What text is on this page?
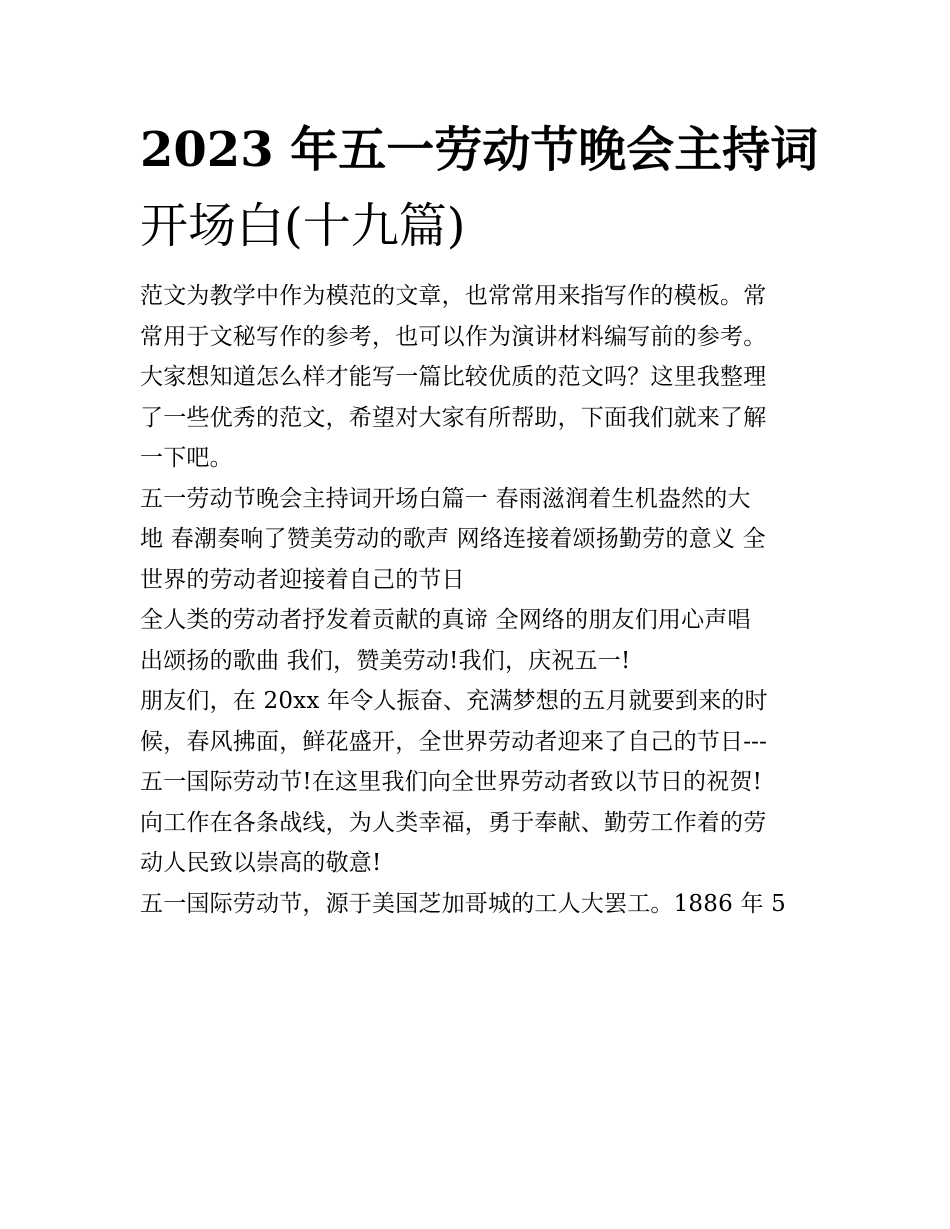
2023 年五一劳动节晚会主持词
开场白(十九篇)
范文为教学中作为模范的文章，也常常用来指写作的模板。常
常用于文秘写作的参考，也可以作为演讲材料编写前的参考。
大家想知道怎么样才能写一篇比较优质的范文吗？这里我整理
了一些优秀的范文，希望对大家有所帮助，下面我们就来了解
一下吧。
五一劳动节晚会主持词开场白篇一 春雨滋润着生机盎然的大
地 春潮奏响了赞美劳动的歌声 网络连接着颂扬勤劳的意义 全
世界的劳动者迎接着自己的节日
全人类的劳动者抒发着贡献的真谛 全网络的朋友们用心声唱
出颂扬的歌曲 我们，赞美劳动!我们，庆祝五一!
朋友们，在 20xx 年令人振奋、充满梦想的五月就要到来的时
候，春风拂面，鲜花盛开，全世界劳动者迎来了自己的节日---
五一国际劳动节!在这里我们向全世界劳动者致以节日的祝贺!
向工作在各条战线，为人类幸福，勇于奉献、勤劳工作着的劳
动人民致以崇高的敬意!
五一国际劳动节，源于美国芝加哥城的工人大罢工。1886 年 5
